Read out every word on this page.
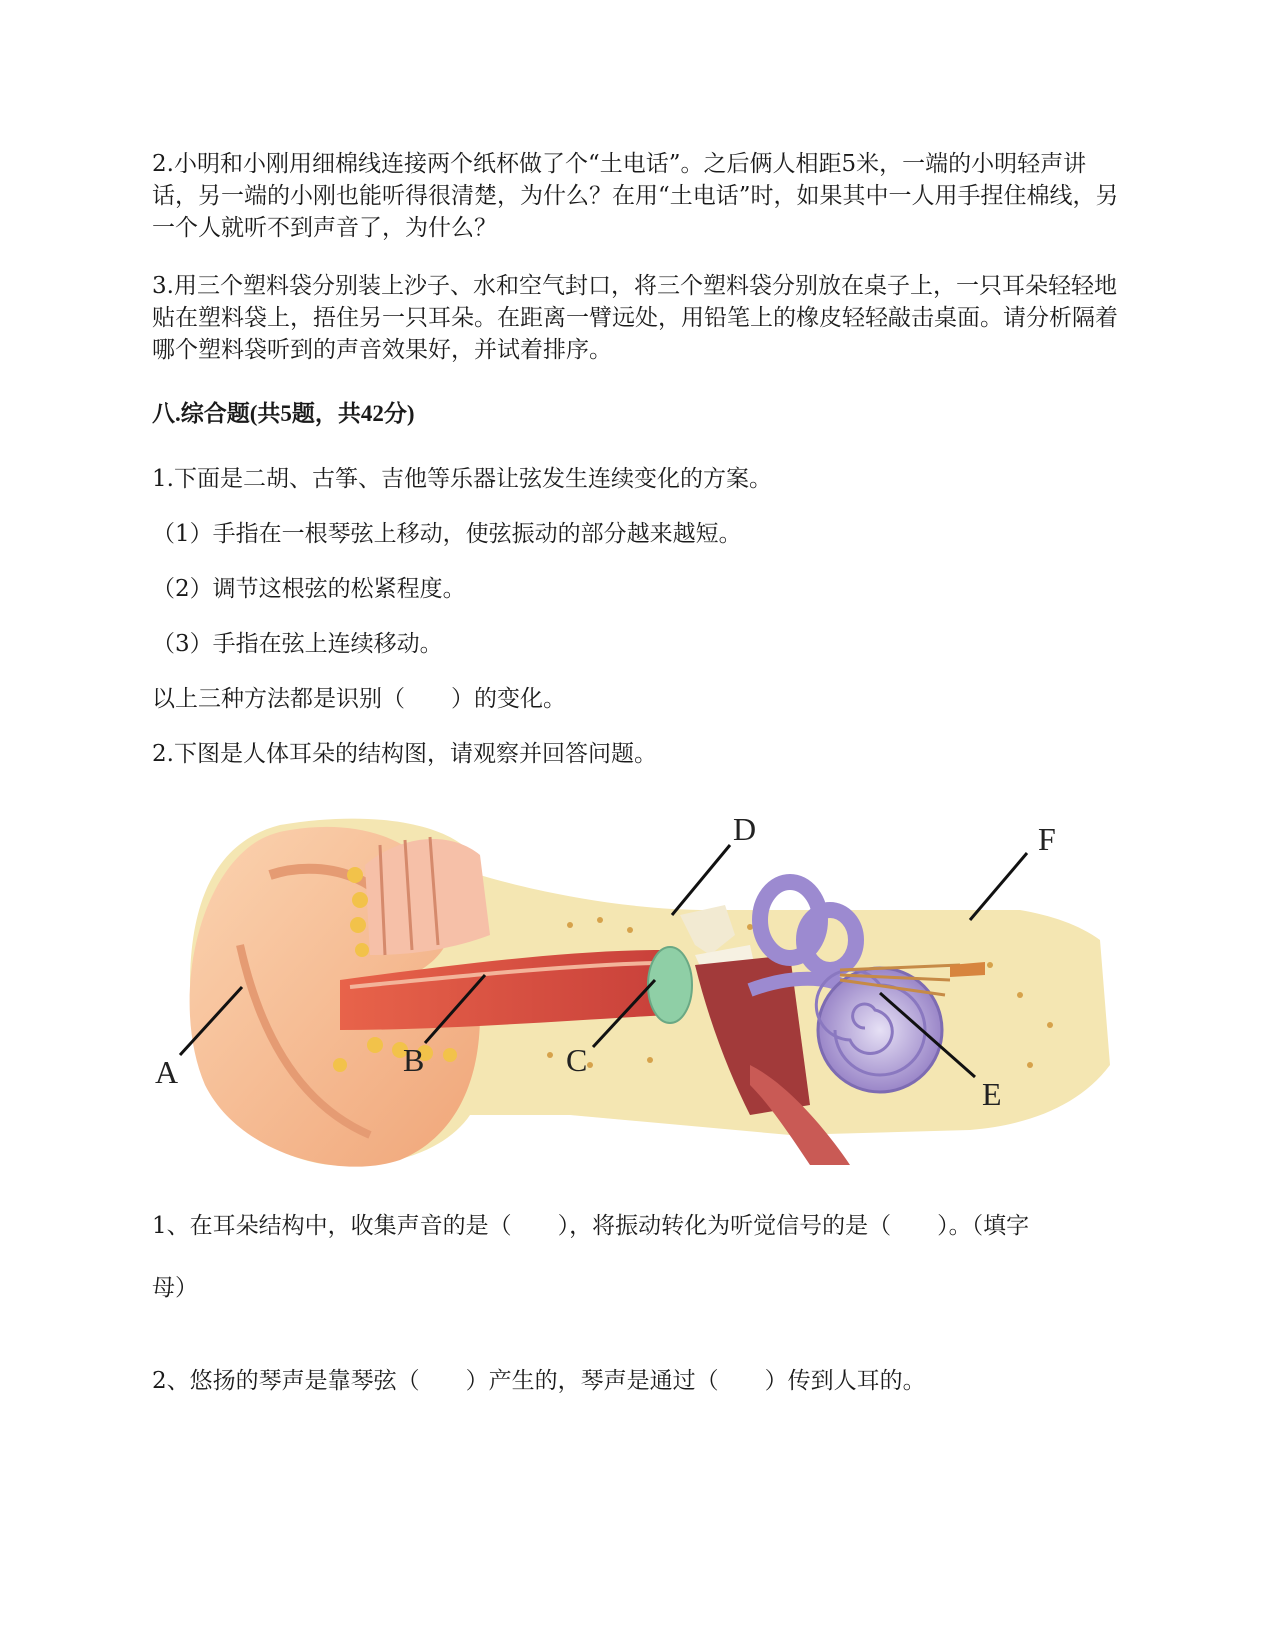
2.小明和小刚用细棉线连接两个纸杯做了个“土电话”。之后俩人相距5米，一端的小明轻声讲话，另一端的小刚也能听得很清楚，为什么？在用“土电话”时，如果其中一人用手捏住棉线，另一个人就听不到声音了，为什么？

3.用三个塑料袋分别装上沙子、水和空气封口，将三个塑料袋分别放在桌子上，一只耳朵轻轻地贴在塑料袋上，捂住另一只耳朵。在距离一臂远处，用铅笔上的橡皮轻轻敲击桌面。请分析隔着哪个塑料袋听到的声音效果好，并试着排序。

八.综合题(共5题，共42分)

1.下面是二胡、古筝、吉他等乐器让弦发生连续变化的方案。

（1）手指在一根琴弦上移动，使弦振动的部分越来越短。

（2）调节这根弦的松紧程度。

（3）手指在弦上连续移动。

以上三种方法都是识别（　　）的变化。

2.下图是人体耳朵的结构图，请观察并回答问题。

A	B	C
D
E
F

1、在耳朵结构中，收集声音的是（　　），将振动转化为听觉信号的是（　　）。（填字

母）

2、悠扬的琴声是靠琴弦（　　）产生的，琴声是通过（　　）传到人耳的。
